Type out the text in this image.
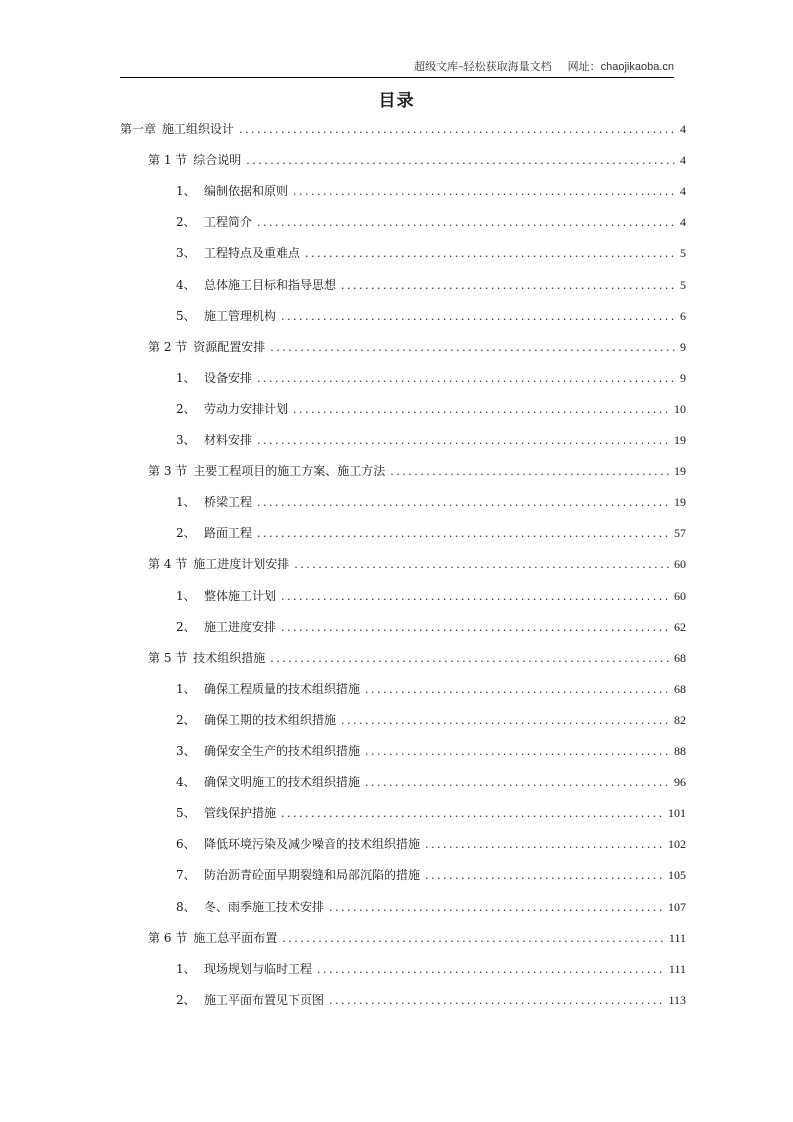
超级文库–轻松获取海量文档 网址：chaojikaoba.cn
目录
第一章 施工组织设计 .....	4
第 1 节 综合说明 .....	4
1、 编制依据和原则 .....	4
2、 工程简介 .....	4
3、 工程特点及重难点 .....	5
4、 总体施工目标和指导思想 .....	5
5、 施工管理机构 .....	6
第 2 节 资源配置安排 .....	9
1、 设备安排 .....	9
2、 劳动力安排计划 .....	10
3、 材料安排 .....	19
第 3 节 主要工程项目的施工方案、施工方法 .....	19
1、 桥梁工程 .....	19
2、 路面工程 .....	57
第 4 节 施工进度计划安排 .....	60
1、 整体施工计划 .....	60
2、 施工进度安排 .....	62
第 5 节 技术组织措施 .....	68
1、 确保工程质量的技术组织措施 .....	68
2、 确保工期的技术组织措施 .....	82
3、 确保安全生产的技术组织措施 .....	88
4、 确保文明施工的技术组织措施 .....	96
5、 管线保护措施 .....	101
6、 降低环境污染及减少噪音的技术组织措施 .....	102
7、 防治沥青砼面早期裂缝和局部沉陷的措施 .....	105
8、 冬、雨季施工技术安排 .....	107
第 6 节 施工总平面布置 .....	111
1、 现场规划与临时工程 .....	111
2、 施工平面布置见下页图 .....	113
